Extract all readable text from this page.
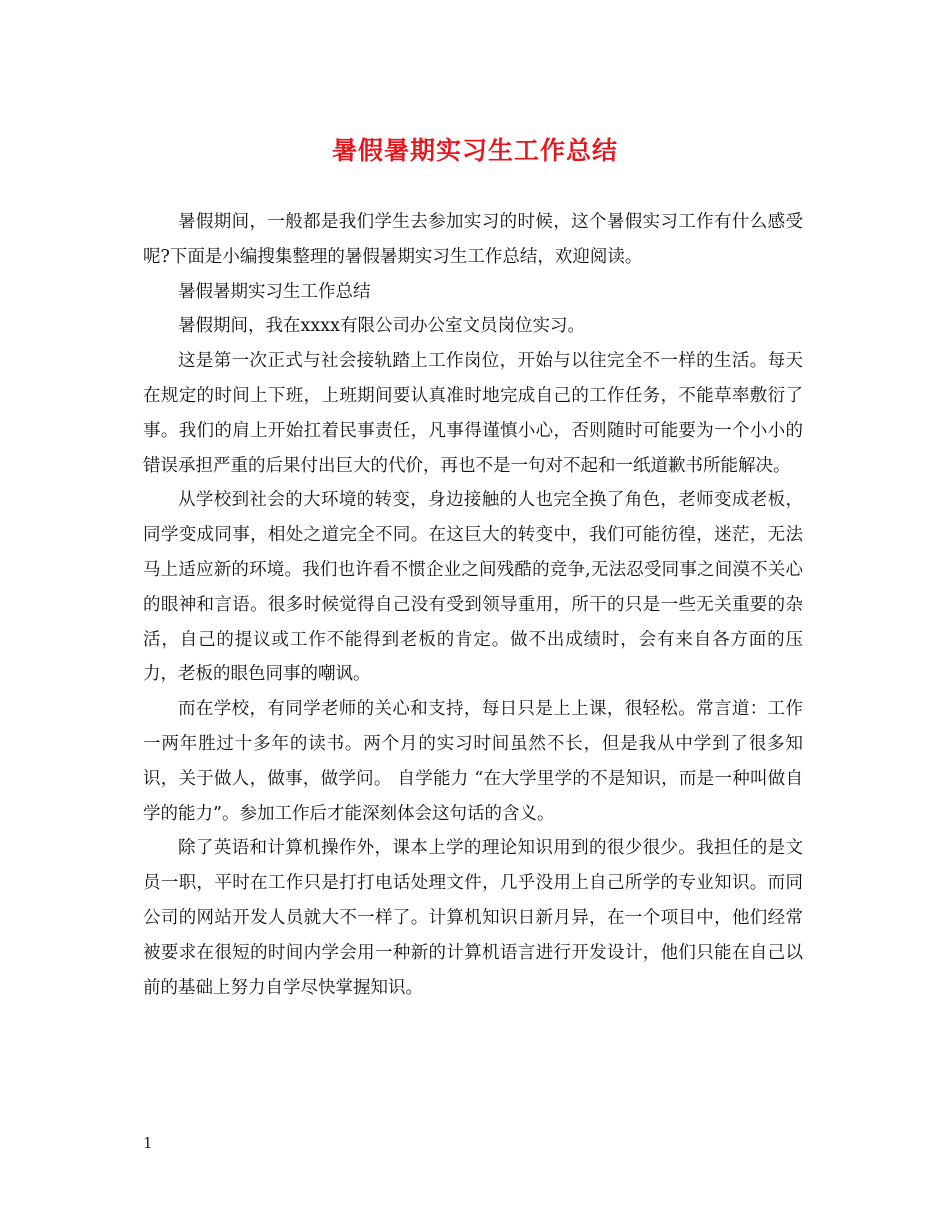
暑假暑期实习生工作总结

暑假期间，一般都是我们学生去参加实习的时候，这个暑假实习工作有什么感受呢?下面是小编搜集整理的暑假暑期实习生工作总结，欢迎阅读。

暑假暑期实习生工作总结

暑假期间，我在xxxx有限公司办公室文员岗位实习。

这是第一次正式与社会接轨踏上工作岗位，开始与以往完全不一样的生活。每天在规定的时间上下班，上班期间要认真准时地完成自己的工作任务，不能草率敷衍了事。我们的肩上开始扛着民事责任，凡事得谨慎小心，否则随时可能要为一个小小的错误承担严重的后果付出巨大的代价，再也不是一句对不起和一纸道歉书所能解决。

从学校到社会的大环境的转变，身边接触的人也完全换了角色，老师变成老板，同学变成同事，相处之道完全不同。在这巨大的转变中，我们可能彷徨，迷茫，无法马上适应新的环境。我们也许看不惯企业之间残酷的竞争,无法忍受同事之间漠不关心的眼神和言语。很多时候觉得自己没有受到领导重用，所干的只是一些无关重要的杂活，自己的提议或工作不能得到老板的肯定。做不出成绩时，会有来自各方面的压力，老板的眼色同事的嘲讽。

而在学校，有同学老师的关心和支持，每日只是上上课，很轻松。常言道：工作一两年胜过十多年的读书。两个月的实习时间虽然不长，但是我从中学到了很多知识，关于做人，做事，做学问。 自学能力 “在大学里学的不是知识，而是一种叫做自学的能力”。参加工作后才能深刻体会这句话的含义。

除了英语和计算机操作外，课本上学的理论知识用到的很少很少。我担任的是文员一职，平时在工作只是打打电话处理文件，几乎没用上自己所学的专业知识。而同公司的网站开发人员就大不一样了。计算机知识日新月异，在一个项目中，他们经常被要求在很短的时间内学会用一种新的计算机语言进行开发设计，他们只能在自己以前的基础上努力自学尽快掌握知识。

1
